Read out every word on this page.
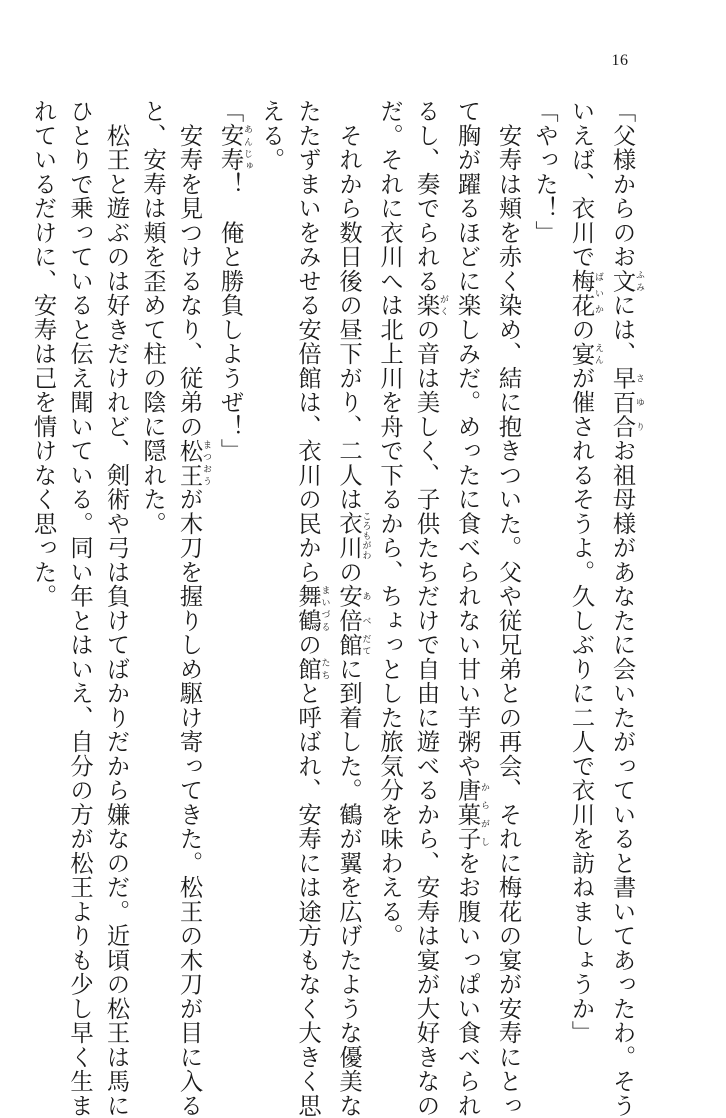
16
「父様からのお文ふみには、早百合さゆりお祖母様があなたに会いたがっていると書いてあったわ。そう
いえば、衣川で梅花ばいかの宴えんが催されるそうよ。久しぶりに二人で衣川を訪ねましょうか」
「やった！」
　安寿は頬を赤く染め、結に抱きついた。父や従兄弟との再会、それに梅花の宴が安寿にとっ
て胸が躍るほどに楽しみだ。めったに食べられない甘い芋粥や唐菓子からがしをお腹いっぱい食べられ
るし、奏でられる楽がくの音は美しく、子供たちだけで自由に遊べるから、安寿は宴が大好きなの
だ。それに衣川へは北上川を舟で下るから、ちょっとした旅気分を味わえる。
　それから数日後の昼下がり、二人は衣川ころもがわの安倍あべ館だてに到着した。鶴が翼を広げたような優美な
たたずまいをみせる安倍館は、衣川の民から舞鶴まいづるの館たちと呼ばれ、安寿には途方もなく大きく思
える。
「安寿あんじゅ！　俺と勝負しようぜ！」
　安寿を見つけるなり、従弟の松王まつおうが木刀を握りしめ駆け寄ってきた。松王の木刀が目に入る
と、安寿は頬を歪めて柱の陰に隠れた。
　松王と遊ぶのは好きだけれど、剣術や弓は負けてばかりだから嫌なのだ。近頃の松王は馬に
ひとりで乗っていると伝え聞いている。同い年とはいえ、自分の方が松王よりも少し早く生ま
れているだけに、安寿は己を情けなく思った。
